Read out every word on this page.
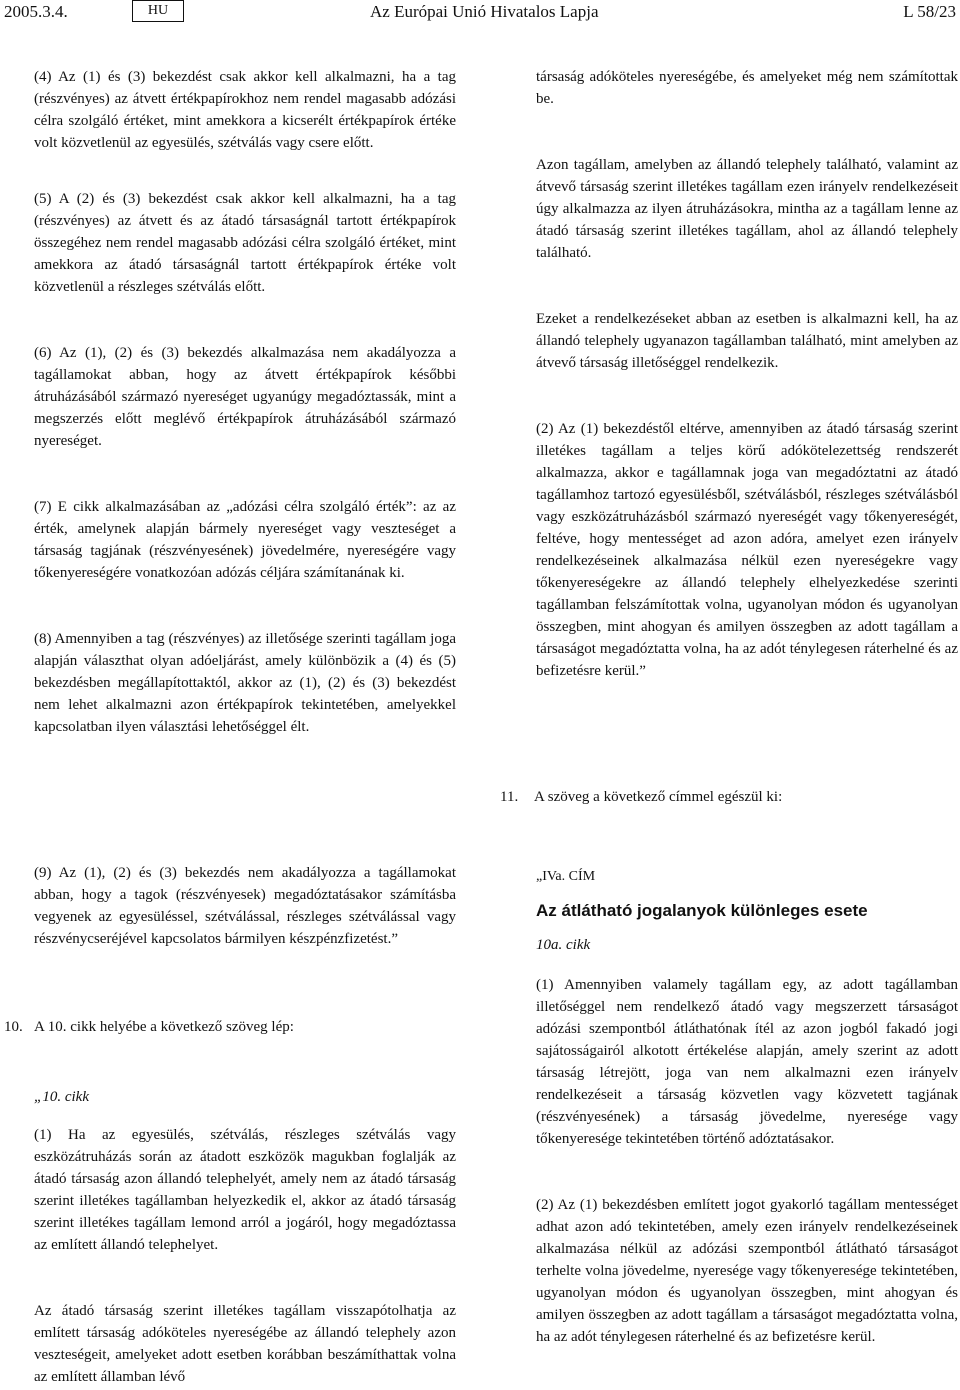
2005.3.4.	HU	Az Európai Unió Hivatalos Lapja	L 58/23

(4) Az (1) és (3) bekezdést csak akkor kell alkalmazni, ha a tag (részvényes) az átvett értékpapírokhoz nem rendel magasabb adózási célra szolgáló értéket, mint amekkora a kicserélt értékpapírok értéke volt közvetlenül az egyesülés, szétválás vagy csere előtt.

(5) A (2) és (3) bekezdést csak akkor kell alkalmazni, ha a tag (részvényes) az átvett és az átadó társaságnál tartott értékpapírok összegéhez nem rendel magasabb adózási célra szolgáló értéket, mint amekkora az átadó társaságnál tartott értékpapírok értéke volt közvetlenül a részleges szétválás előtt.

(6) Az (1), (2) és (3) bekezdés alkalmazása nem akadályozza a tagállamokat abban, hogy az átvett értékpapírok későbbi átruházásából származó nyereséget ugyanúgy megadóztassák, mint a megszerzés előtt meglévő értékpapírok átruházásából származó nyereséget.

(7) E cikk alkalmazásában az „adózási célra szolgáló érték”: az az érték, amelynek alapján bármely nyereséget vagy veszteséget a társaság tagjának (részvényesének) jövedelmére, nyereségére vagy tőkenyereségére vonatkozóan adózás céljára számítanának ki.

(8) Amennyiben a tag (részvényes) az illetősége szerinti tagállam joga alapján választhat olyan adóeljárást, amely különbözik a (4) és (5) bekezdésben megállapítottaktól, akkor az (1), (2) és (3) bekezdést nem lehet alkalmazni azon értékpapírok tekintetében, amelyekkel kapcsolatban ilyen választási lehetőséggel élt.

társaság adóköteles nyereségébe, és amelyeket még nem számítottak be.

Azon tagállam, amelyben az állandó telephely található, valamint az átvevő társaság szerint illetékes tagállam ezen irányelv rendelkezéseit úgy alkalmazza az ilyen átruházásokra, mintha az a tagállam lenne az átadó társaság szerint illetékes tagállam, ahol az állandó telephely található.

Ezeket a rendelkezéseket abban az esetben is alkalmazni kell, ha az állandó telephely ugyanazon tagállamban található, mint amelyben az átvevő társaság illetőséggel rendelkezik.

(2) Az (1) bekezdéstől eltérve, amennyiben az átadó társaság szerint illetékes tagállam a teljes körű adókötelezettség rendszerét alkalmazza, akkor e tagállamnak joga van megadóztatni az átadó tagállamhoz tartozó egyesülésből, szétválásból, részleges szétválásból vagy eszközátruházásból származó nyereségét vagy tőkenyereségét, feltéve, hogy mentességet ad azon adóra, amelyet ezen irányelv rendelkezéseinek alkalmazása nélkül ezen nyereségekre vagy tőkenyereségekre az állandó telephely elhelyezkedése szerinti tagállamban felszámítottak volna, ugyanolyan módon és ugyanolyan összegben, mint ahogyan és amilyen összegben az adott tagállam a társaságot megadóztatta volna, ha az adót ténylegesen ráterhelné és az befizetésre kerül.”

11.	A szöveg a következő címmel egészül ki:

(9) Az (1), (2) és (3) bekezdés nem akadályozza a tagállamokat abban, hogy a tagok (részvényesek) megadóztatásakor számításba vegyenek az egyesüléssel, szétválással, részleges szétválással vagy részvénycseréjével kapcsolatos bármilyen készpénzfizetést.”

10. A 10. cikk helyébe a következő szöveg lép:

„10. cikk

(1) Ha az egyesülés, szétválás, részleges szétválás vagy eszközátruházás során az átadott eszközök magukban foglalják az átadó társaság azon állandó telephelyét, amely nem az átadó társaság szerint illetékes tagállamban helyezkedik el, akkor az átadó társaság szerint illetékes tagállam lemond arról a jogáról, hogy megadóztassa az említett állandó telephelyet.

Az átadó társaság szerint illetékes tagállam visszapótolhatja az említett társaság adóköteles nyereségébe az állandó telephely azon veszteségeit, amelyeket adott esetben korábban beszámíthattak volna az említett államban lévő

„IVa. CÍM

Az átlátható jogalanyok különleges esete

10a. cikk

(1) Amennyiben valamely tagállam egy, az adott tagállamban illetőséggel nem rendelkező átadó vagy megszerzett társaságot adózási szempontból átláthatónak ítél az azon jogból fakadó jogi sajátosságairól alkotott értékelése alapján, amely szerint az adott társaság létrejött, joga van nem alkalmazni ezen irányelv rendelkezéseit a társaság közvetlen vagy közvetett tagjának (részvényesének) a társaság jövedelme, nyeresége vagy tőkenyeresége tekintetében történő adóztatásakor.

(2) Az (1) bekezdésben említett jogot gyakorló tagállam mentességet adhat azon adó tekintetében, amely ezen irányelv rendelkezéseinek alkalmazása nélkül az adózási szempontból átlátható társaságot terhelte volna jövedelme, nyeresége vagy tőkenyeresége tekintetében, ugyanolyan módon és ugyanolyan összegben, mint ahogyan és amilyen összegben az adott tagállam a társaságot megadóztatta volna, ha az adót ténylegesen ráterhelné és az befizetésre kerül.
